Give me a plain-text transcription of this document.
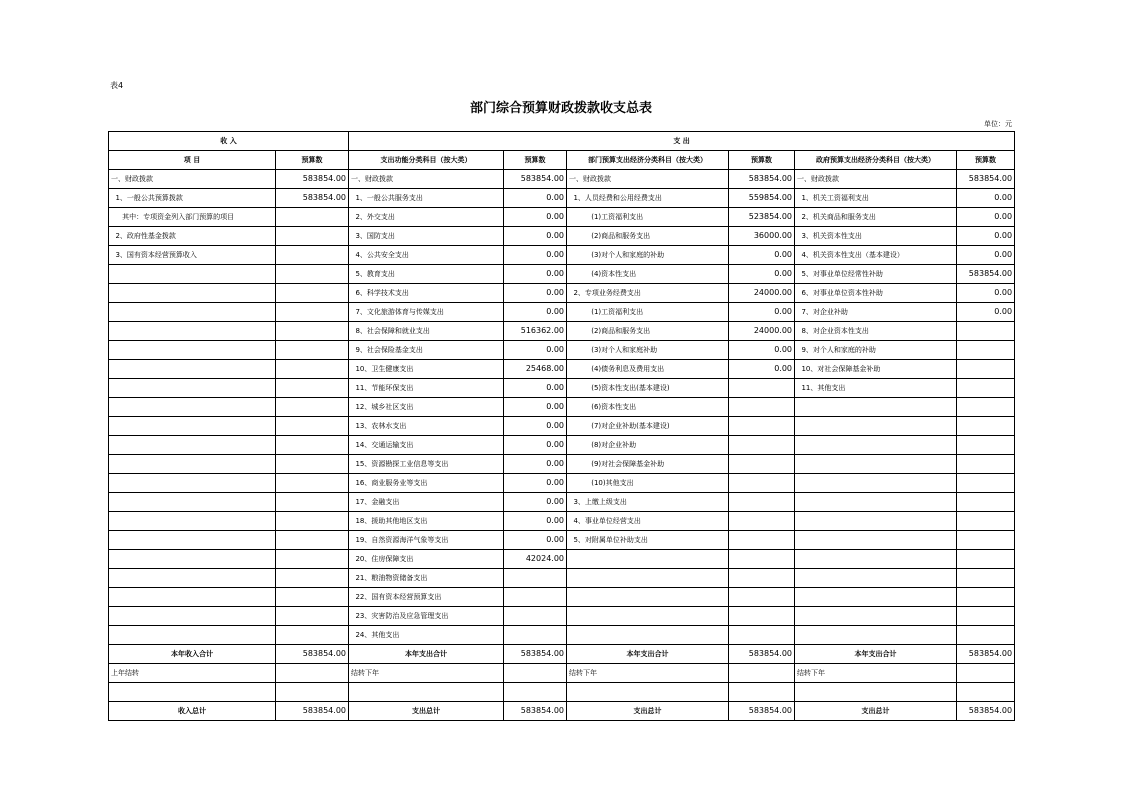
表4
部门综合预算财政拨款收支总表
单位：元
收 入		支 出					
项 目	预算数	支出功能分类科目（按大类）	预算数	部门预算支出经济分类科目（按大类）	预算数	政府预算支出经济分类科目（按大类）	预算数
一、财政拨款	583854.00	一、财政拨款	583854.00	一、财政拨款	583854.00	一、财政拨款	583854.00
1、一般公共预算拨款	583854.00	1、一般公共服务支出	0.00	1、人员经费和公用经费支出	559854.00	1、机关工资福利支出	0.00
其中：专项资金列入部门预算的项目		2、外交支出	0.00	(1)工资福利支出	523854.00	2、机关商品和服务支出	0.00
2、政府性基金拨款		3、国防支出	0.00	(2)商品和服务支出	36000.00	3、机关资本性支出	0.00
3、国有资本经营预算收入		4、公共安全支出	0.00	(3)对个人和家庭的补助	0.00	4、机关资本性支出（基本建设）	0.00
		5、教育支出	0.00	(4)资本性支出	0.00	5、对事业单位经常性补助	583854.00
		6、科学技术支出	0.00	2、专项业务经费支出	24000.00	6、对事业单位资本性补助	0.00
		7、文化旅游体育与传媒支出	0.00	(1)工资福利支出	0.00	7、对企业补助	0.00
		8、社会保障和就业支出	516362.00	(2)商品和服务支出	24000.00	8、对企业资本性支出	
		9、社会保险基金支出	0.00	(3)对个人和家庭补助	0.00	9、对个人和家庭的补助	
		10、卫生健康支出	25468.00	(4)债务利息及费用支出	0.00	10、对社会保障基金补助	
		11、节能环保支出	0.00	(5)资本性支出(基本建设)		11、其他支出	
		12、城乡社区支出	0.00	(6)资本性支出			
		13、农林水支出	0.00	(7)对企业补助(基本建设)			
		14、交通运输支出	0.00	(8)对企业补助			
		15、资源勘探工业信息等支出	0.00	(9)对社会保障基金补助			
		16、商业服务业等支出	0.00	(10)其他支出			
		17、金融支出	0.00	3、上缴上级支出			
		18、援助其他地区支出	0.00	4、事业单位经营支出			
		19、自然资源海洋气象等支出	0.00	5、对附属单位补助支出			
		20、住房保障支出	42024.00				
		21、粮油物资储备支出					
		22、国有资本经营预算支出					
		23、灾害防治及应急管理支出					
		24、其他支出					
本年收入合计	583854.00	本年支出合计	583854.00	本年支出合计	583854.00	本年支出合计	583854.00
上年结转		结转下年		结转下年		结转下年	

收入总计	583854.00	支出总计	583854.00	支出总计	583854.00	支出总计	583854.00
